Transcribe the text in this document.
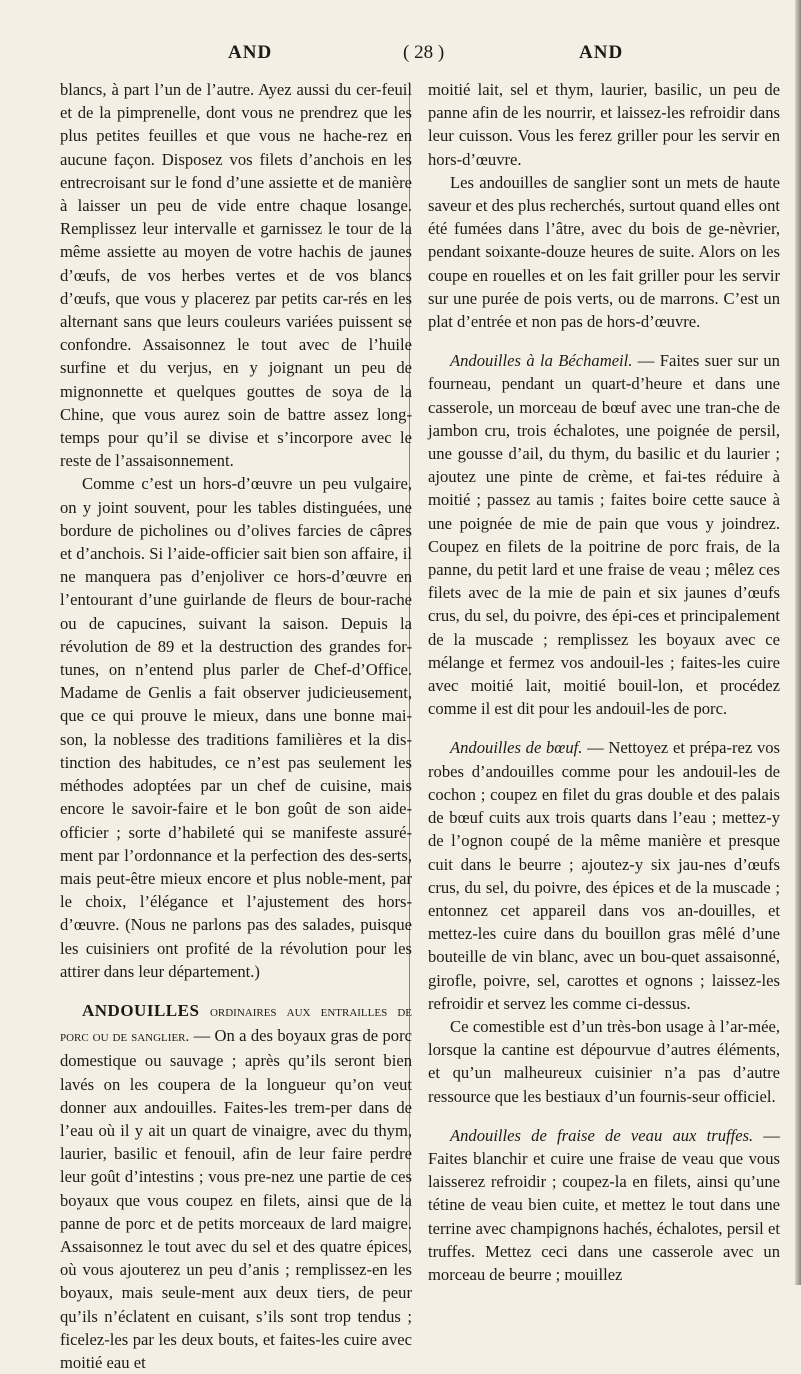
AND	( 28 )	AND

blancs, à part l’un de l’autre. Ayez aussi du cer-feuil et de la pimprenelle, dont vous ne prendrez que les plus petites feuilles et que vous ne hache-rez en aucune façon. Disposez vos filets d’anchois en les entrecroisant sur le fond d’une assiette et de manière à laisser un peu de vide entre chaque losange. Remplissez leur intervalle et garnissez le tour de la même assiette au moyen de votre hachis de jaunes d’œufs, de vos herbes vertes et de vos blancs d’œufs, que vous y placerez par petits car-rés en les alternant sans que leurs couleurs variées puissent se confondre. Assaisonnez le tout avec de l’huile surfine et du verjus, en y joignant un peu de mignonnette et quelques gouttes de soya de la Chine, que vous aurez soin de battre assez long-temps pour qu’il se divise et s’incorpore avec le reste de l’assaisonnement.

Comme c’est un hors-d’œuvre un peu vulgaire, on y joint souvent, pour les tables distinguées, une bordure de picholines ou d’olives farcies de câpres et d’anchois. Si l’aide-officier sait bien son affaire, il ne manquera pas d’enjoliver ce hors-d’œuvre en l’entourant d’une guirlande de fleurs de bour-rache ou de capucines, suivant la saison. Depuis la révolution de 89 et la destruction des grandes for-tunes, on n’entend plus parler de Chef-d’Office. Madame de Genlis a fait observer judicieusement, que ce qui prouve le mieux, dans une bonne mai-son, la noblesse des traditions familières et la dis-tinction des habitudes, ce n’est pas seulement les méthodes adoptées par un chef de cuisine, mais encore le savoir-faire et le bon goût de son aide-officier ; sorte d’habileté qui se manifeste assuré-ment par l’ordonnance et la perfection des des-serts, mais peut-être mieux encore et plus noble-ment, par le choix, l’élégance et l’ajustement des hors-d’œuvre. (Nous ne parlons pas des salades, puisque les cuisiniers ont profité de la révolution pour les attirer dans leur département.)

ANDOUILLES ordinaires aux entrailles de porc ou de sanglier. — On a des boyaux gras de porc domestique ou sauvage ; après qu’ils seront bien lavés on les coupera de la longueur qu’on veut donner aux andouilles. Faites-les trem-per dans de l’eau où il y ait un quart de vinaigre, avec du thym, laurier, basilic et fenouil, afin de leur faire perdre leur goût d’intestins ; vous pre-nez une partie de ces boyaux que vous coupez en filets, ainsi que de la panne de porc et de petits morceaux de lard maigre. Assaisonnez le tout avec du sel et des quatre épices, où vous ajouterez un peu d’anis ; remplissez-en les boyaux, mais seule-ment aux deux tiers, de peur qu’ils n’éclatent en cuisant, s’ils sont trop tendus ; ficelez-les par les deux bouts, et faites-les cuire avec moitié eau et

moitié lait, sel et thym, laurier, basilic, un peu de panne afin de les nourrir, et laissez-les refroidir dans leur cuisson. Vous les ferez griller pour les servir en hors-d’œuvre.

Les andouilles de sanglier sont un mets de haute saveur et des plus recherchés, surtout quand elles ont été fumées dans l’âtre, avec du bois de ge-nèvrier, pendant soixante-douze heures de suite. Alors on les coupe en rouelles et on les fait griller pour les servir sur une purée de pois verts, ou de marrons. C’est un plat d’entrée et non pas de hors-d’œuvre.

Andouilles à la Béchameil. — Faites suer sur un fourneau, pendant un quart-d’heure et dans une casserole, un morceau de bœuf avec une tran-che de jambon cru, trois échalotes, une poignée de persil, une gousse d’ail, du thym, du basilic et du laurier ; ajoutez une pinte de crème, et fai-tes réduire à moitié ; passez au tamis ; faites boire cette sauce à une poignée de mie de pain que vous y joindrez. Coupez en filets de la poitrine de porc frais, de la panne, du petit lard et une fraise de veau ; mêlez ces filets avec de la mie de pain et six jaunes d’œufs crus, du sel, du poivre, des épi-ces et principalement de la muscade ; remplissez les boyaux avec ce mélange et fermez vos andouil-les ; faites-les cuire avec moitié lait, moitié bouil-lon, et procédez comme il est dit pour les andouil-les de porc.

Andouilles de bœuf. — Nettoyez et prépa-rez vos robes d’andouilles comme pour les andouil-les de cochon ; coupez en filet du gras double et des palais de bœuf cuits aux trois quarts dans l’eau ; mettez-y de l’ognon coupé de la même manière et presque cuit dans le beurre ; ajoutez-y six jau-nes d’œufs crus, du sel, du poivre, des épices et de la muscade ; entonnez cet appareil dans vos an-douilles, et mettez-les cuire dans du bouillon gras mêlé d’une bouteille de vin blanc, avec un bou-quet assaisonné, girofle, poivre, sel, carottes et ognons ; laissez-les refroidir et servez les comme ci-dessus.

Ce comestible est d’un très-bon usage à l’ar-mée, lorsque la cantine est dépourvue d’autres éléments, et qu’un malheureux cuisinier n’a pas d’autre ressource que les bestiaux d’un fournis-seur officiel.

Andouilles de fraise de veau aux truffes. — Faites blanchir et cuire une fraise de veau que vous laisserez refroidir ; coupez-la en filets, ainsi qu’une tétine de veau bien cuite, et mettez le tout dans une terrine avec champignons hachés, échalotes, persil et truffes. Mettez ceci dans une casserole avec un morceau de beurre ; mouillez
